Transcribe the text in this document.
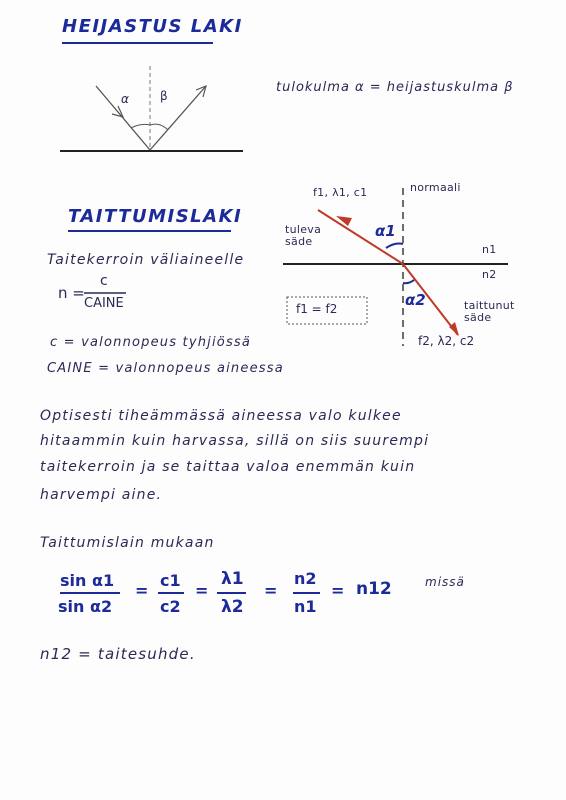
HEIJASTUS LAKI
α	β
tulokulma α = heijastuskulma β
f1, λ1, c1	normaali
tuleva
säde
α1
n1
n2
α2
f1 = f2	taittunut
säde
f2, λ2, c2
TAITTUMISLAKI
Taitekerroin väliaineelle
n =
c
CAINE
c = valonnopeus tyhjiössä
CAINE = valonnopeus aineessa
Optisesti tiheämmässä aineessa valo kulkee
hitaammin kuin harvassa, sillä on siis suurempi
taitekerroin ja se taittaa valoa enemmän kuin
harvempi aine.
Taittumislain mukaan
sin α1
sin α2
=
c1
c2
=
λ1
λ2
=
n2
n1
= n12	missä
n12 = taitesuhde.
